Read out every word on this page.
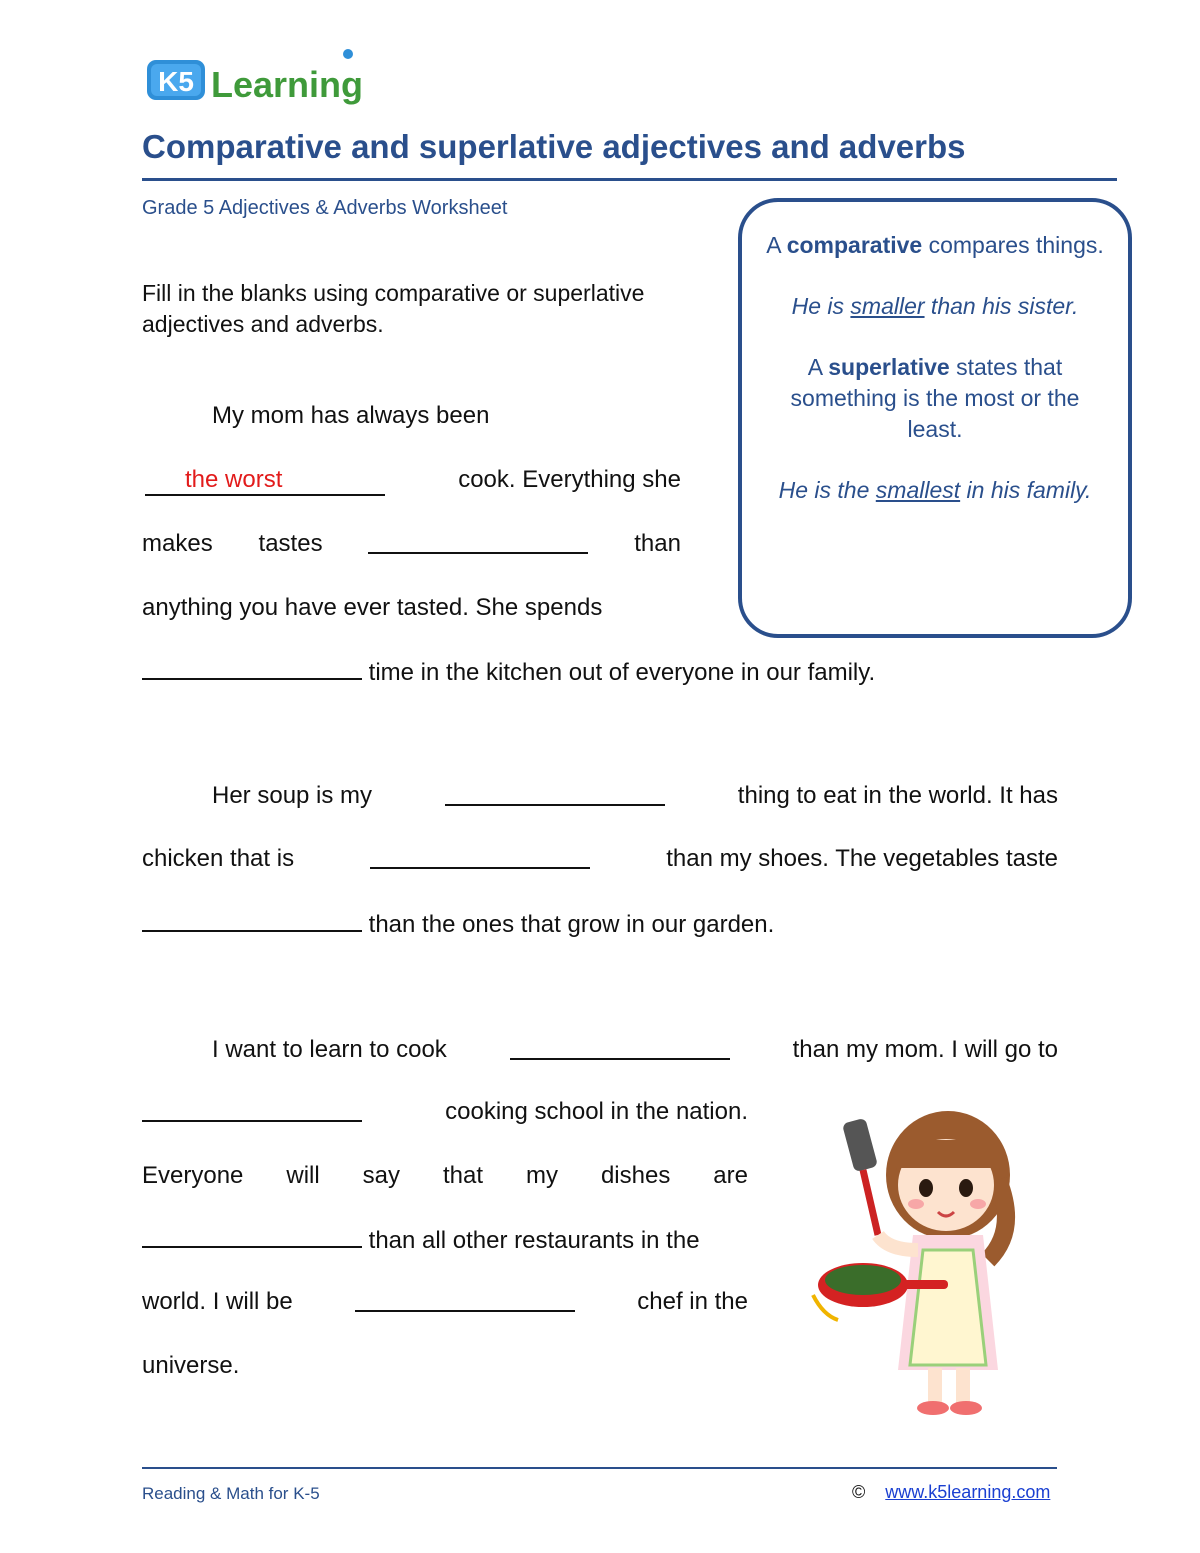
K5 Learning
Comparative and superlative adjectives and adverbs
Grade 5 Adjectives & Adverbs Worksheet
Fill in the blanks using comparative or superlative adjectives and adverbs.

A comparative compares things.

He is smaller than his sister.

A superlative states that something is the most or the least.

He is the smallest in his family.

My mom has always been
the worst	cook. Everything she
makes tastes	than
anything you have ever tasted. She spends
time in the kitchen out of everyone in our family.
Her soup is my	thing to eat in the world. It has
chicken that is	than my shoes. The vegetables taste
than the ones that grow in our garden.
I want to learn to cook	than my mom. I will go to
cooking school in the nation.
Everyone will say that my dishes are
than all other restaurants in the
world. I will be	chef in the
universe.
Reading & Math for K-5	© www.k5learning.com
